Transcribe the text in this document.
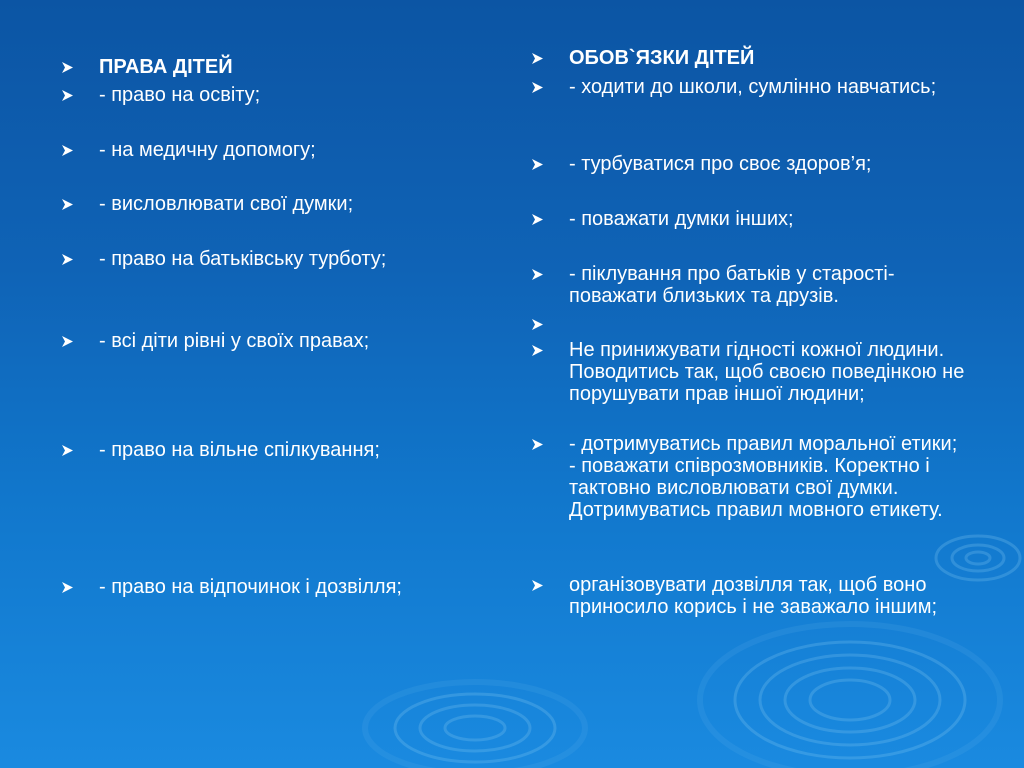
ПРАВА ДІТЕЙ
- право на освіту;
- на медичну допомогу;
- висловлювати свої думки;
- право на батьківську турботу;
- всі діти рівні у своїх правах;
- право на вільне спілкування;
- право на відпочинок і дозвілля;
ОБОВ`ЯЗКИ ДІТЕЙ
- ходити до школи, сумлінно навчатись;
- турбуватися про своє здоров’я;
- поважати думки інших;
- піклування про батьків у старості- поважати близьких та друзів.
Не принижувати гідності кожної людини. Поводитись так, щоб своєю поведінкою не порушувати прав іншої людини;
- дотримуватись правил моральної етики; - поважати співрозмовників. Коректно і тактовно висловлювати свої думки. Дотримуватись правил мовного етикету.
організовувати дозвілля так, щоб воно приносило корись і не заважало іншим;
